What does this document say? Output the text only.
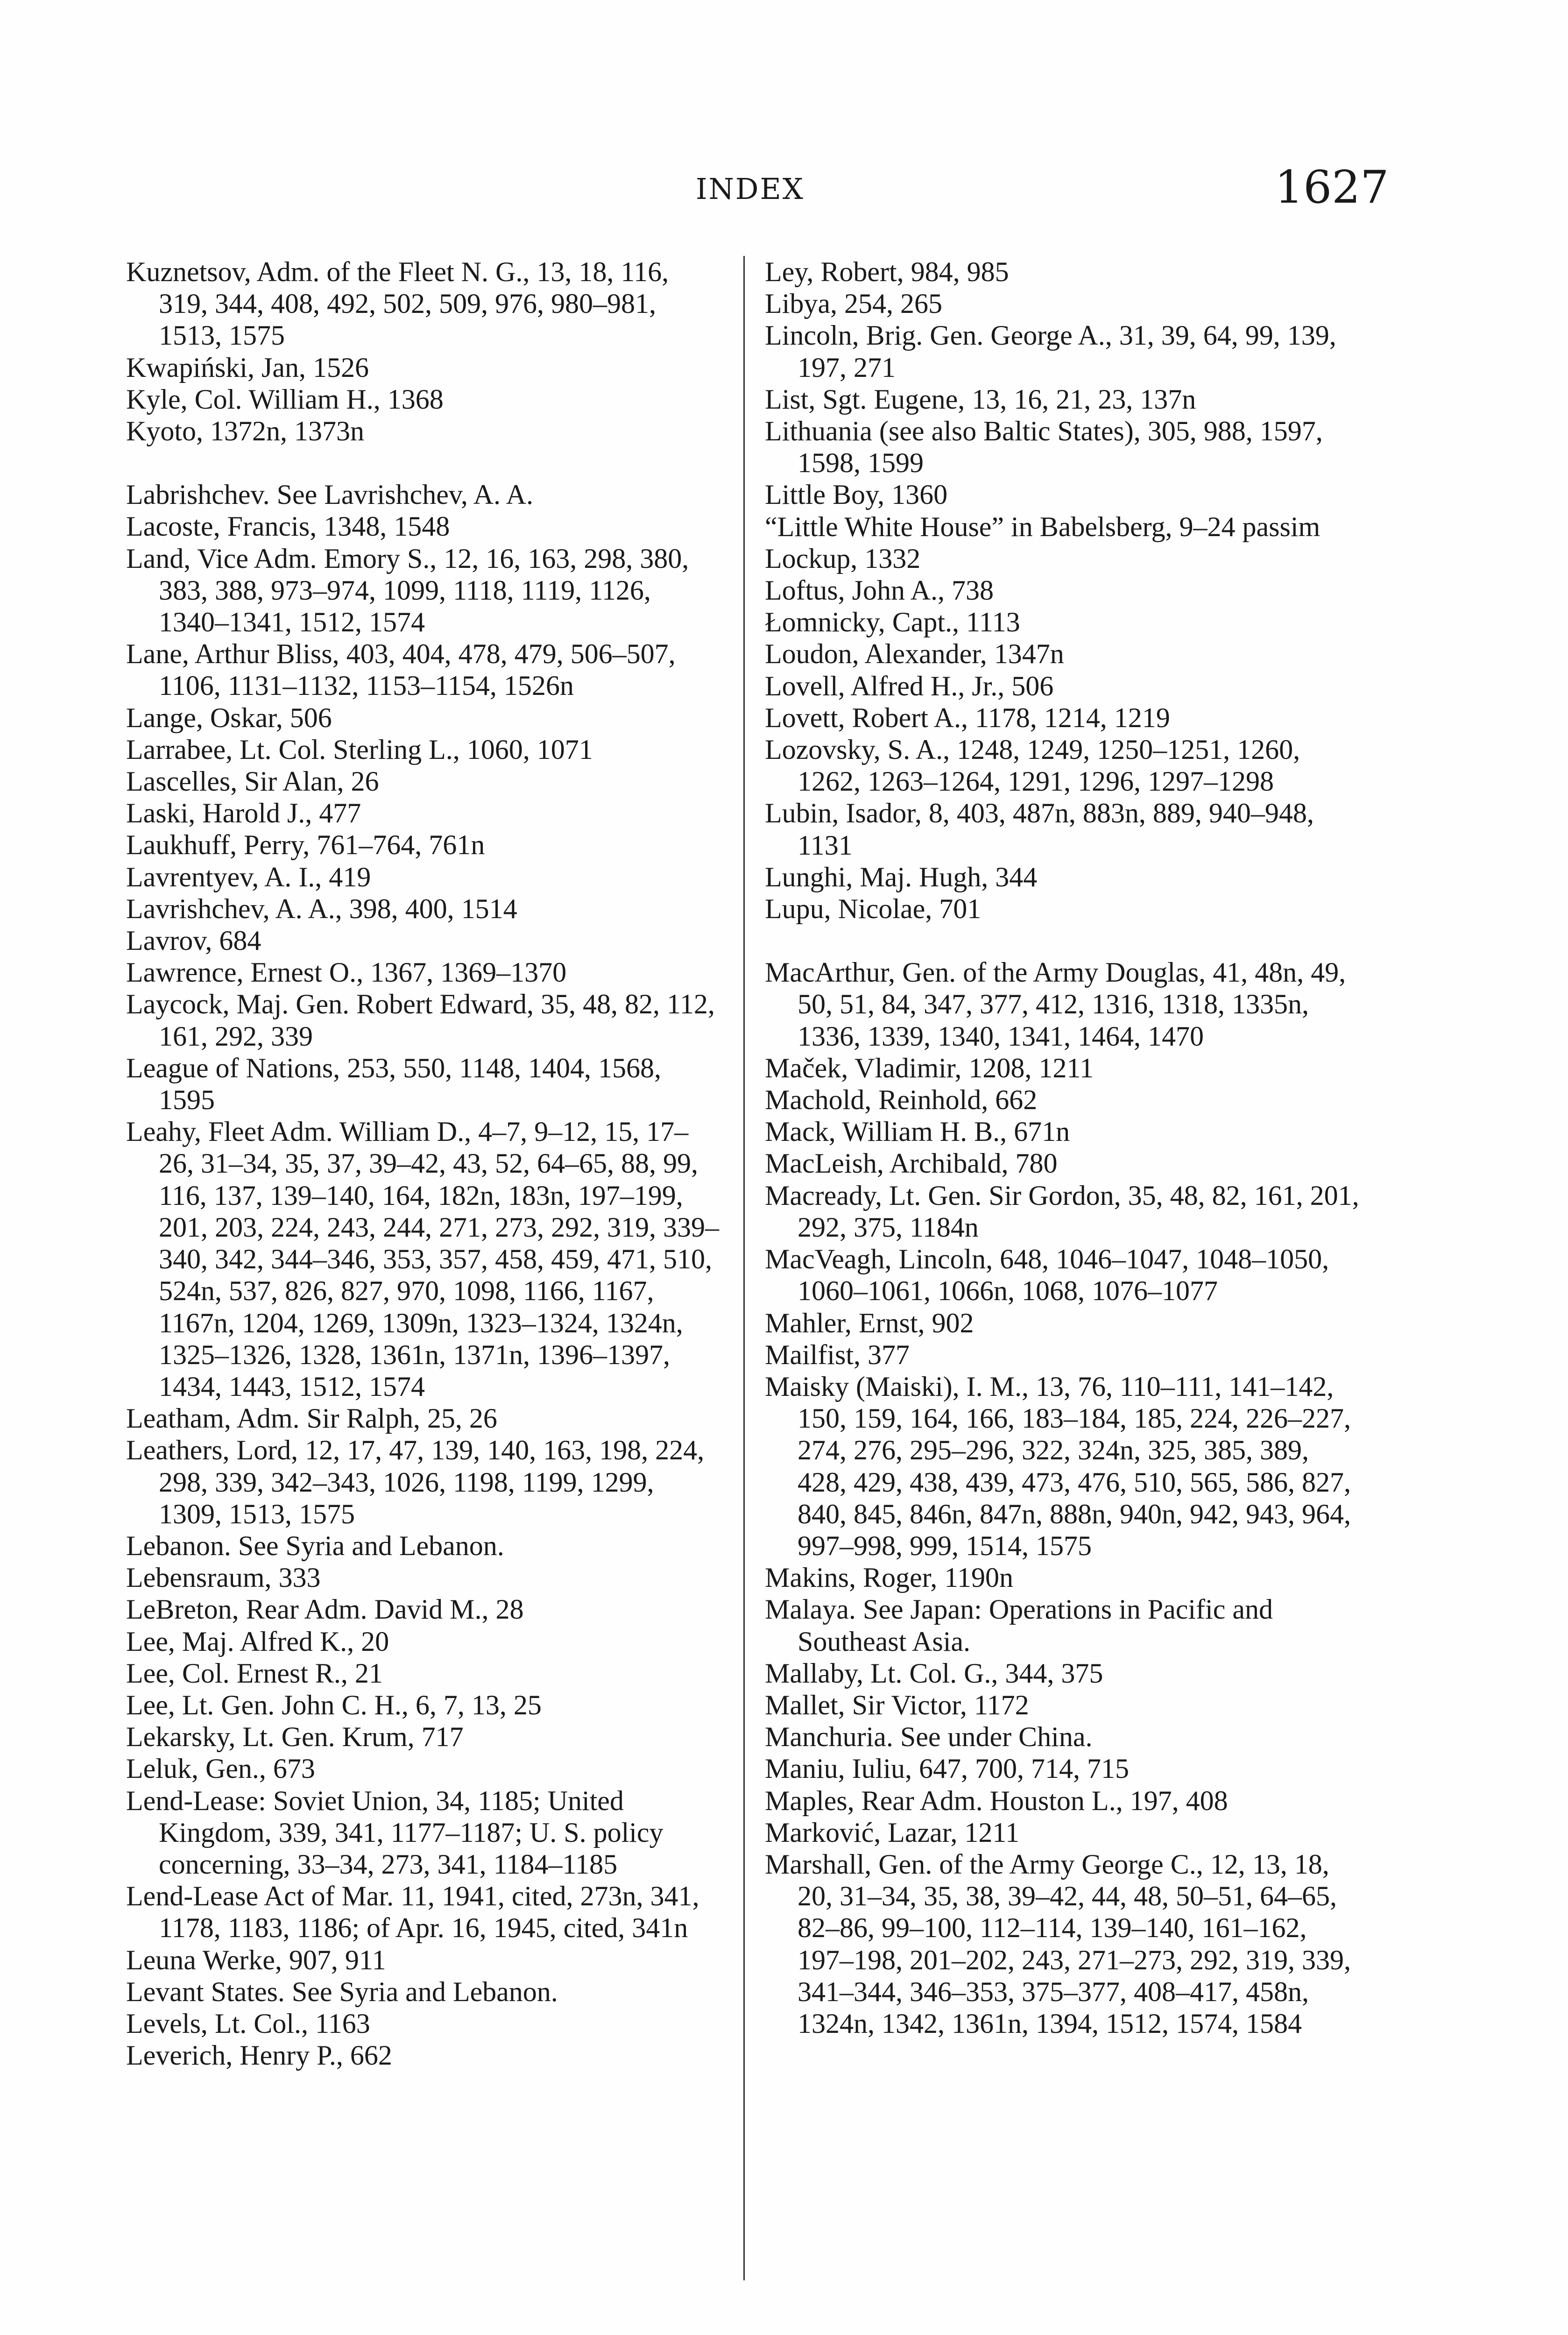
INDEX	1627
Kuznetsov, Adm. of the Fleet N. G., 13, 18, 116, 319, 344, 408, 492, 502, 509, 976, 980–981, 1513, 1575
Kwapiński, Jan, 1526
Kyle, Col. William H., 1368
Kyoto, 1372n, 1373n
Labrishchev. See Lavrishchev, A. A.
Lacoste, Francis, 1348, 1548
Land, Vice Adm. Emory S., 12, 16, 163, 298, 380, 383, 388, 973–974, 1099, 1118, 1119, 1126, 1340–1341, 1512, 1574
Lane, Arthur Bliss, 403, 404, 478, 479, 506–507, 1106, 1131–1132, 1153–1154, 1526n
Lange, Oskar, 506
Larrabee, Lt. Col. Sterling L., 1060, 1071
Lascelles, Sir Alan, 26
Laski, Harold J., 477
Laukhuff, Perry, 761–764, 761n
Lavrentyev, A. I., 419
Lavrishchev, A. A., 398, 400, 1514
Lavrov, 684
Lawrence, Ernest O., 1367, 1369–1370
Laycock, Maj. Gen. Robert Edward, 35, 48, 82, 112, 161, 292, 339
League of Nations, 253, 550, 1148, 1404, 1568, 1595
Leahy, Fleet Adm. William D., 4–7, 9–12, 15, 17–26, 31–34, 35, 37, 39–42, 43, 52, 64–65, 88, 99, 116, 137, 139–140, 164, 182n, 183n, 197–199, 201, 203, 224, 243, 244, 271, 273, 292, 319, 339–340, 342, 344–346, 353, 357, 458, 459, 471, 510, 524n, 537, 826, 827, 970, 1098, 1166, 1167, 1167n, 1204, 1269, 1309n, 1323–1324, 1324n, 1325–1326, 1328, 1361n, 1371n, 1396–1397, 1434, 1443, 1512, 1574
Leatham, Adm. Sir Ralph, 25, 26
Leathers, Lord, 12, 17, 47, 139, 140, 163, 198, 224, 298, 339, 342–343, 1026, 1198, 1199, 1299, 1309, 1513, 1575
Lebanon. See Syria and Lebanon.
Lebensraum, 333
LeBreton, Rear Adm. David M., 28
Lee, Maj. Alfred K., 20
Lee, Col. Ernest R., 21
Lee, Lt. Gen. John C. H., 6, 7, 13, 25
Lekarsky, Lt. Gen. Krum, 717
Leluk, Gen., 673
Lend-Lease: Soviet Union, 34, 1185; United Kingdom, 339, 341, 1177–1187; U. S. policy concerning, 33–34, 273, 341, 1184–1185
Lend-Lease Act of Mar. 11, 1941, cited, 273n, 341, 1178, 1183, 1186; of Apr. 16, 1945, cited, 341n
Leuna Werke, 907, 911
Levant States. See Syria and Lebanon.
Levels, Lt. Col., 1163
Leverich, Henry P., 662
Ley, Robert, 984, 985
Libya, 254, 265
Lincoln, Brig. Gen. George A., 31, 39, 64, 99, 139, 197, 271
List, Sgt. Eugene, 13, 16, 21, 23, 137n
Lithuania (see also Baltic States), 305, 988, 1597, 1598, 1599
Little Boy, 1360
“Little White House” in Babelsberg, 9–24 passim
Lockup, 1332
Loftus, John A., 738
Łomnicky, Capt., 1113
Loudon, Alexander, 1347n
Lovell, Alfred H., Jr., 506
Lovett, Robert A., 1178, 1214, 1219
Lozovsky, S. A., 1248, 1249, 1250–1251, 1260, 1262, 1263–1264, 1291, 1296, 1297–1298
Lubin, Isador, 8, 403, 487n, 883n, 889, 940–948, 1131
Lunghi, Maj. Hugh, 344
Lupu, Nicolae, 701
MacArthur, Gen. of the Army Douglas, 41, 48n, 49, 50, 51, 84, 347, 377, 412, 1316, 1318, 1335n, 1336, 1339, 1340, 1341, 1464, 1470
Maček, Vladimir, 1208, 1211
Machold, Reinhold, 662
Mack, William H. B., 671n
MacLeish, Archibald, 780
Macready, Lt. Gen. Sir Gordon, 35, 48, 82, 161, 201, 292, 375, 1184n
MacVeagh, Lincoln, 648, 1046–1047, 1048–1050, 1060–1061, 1066n, 1068, 1076–1077
Mahler, Ernst, 902
Mailfist, 377
Maisky (Maiski), I. M., 13, 76, 110–111, 141–142, 150, 159, 164, 166, 183–184, 185, 224, 226–227, 274, 276, 295–296, 322, 324n, 325, 385, 389, 428, 429, 438, 439, 473, 476, 510, 565, 586, 827, 840, 845, 846n, 847n, 888n, 940n, 942, 943, 964, 997–998, 999, 1514, 1575
Makins, Roger, 1190n
Malaya. See Japan: Operations in Pacific and Southeast Asia.
Mallaby, Lt. Col. G., 344, 375
Mallet, Sir Victor, 1172
Manchuria. See under China.
Maniu, Iuliu, 647, 700, 714, 715
Maples, Rear Adm. Houston L., 197, 408
Marković, Lazar, 1211
Marshall, Gen. of the Army George C., 12, 13, 18, 20, 31–34, 35, 38, 39–42, 44, 48, 50–51, 64–65, 82–86, 99–100, 112–114, 139–140, 161–162, 197–198, 201–202, 243, 271–273, 292, 319, 339, 341–344, 346–353, 375–377, 408–417, 458n, 1324n, 1342, 1361n, 1394, 1512, 1574, 1584
